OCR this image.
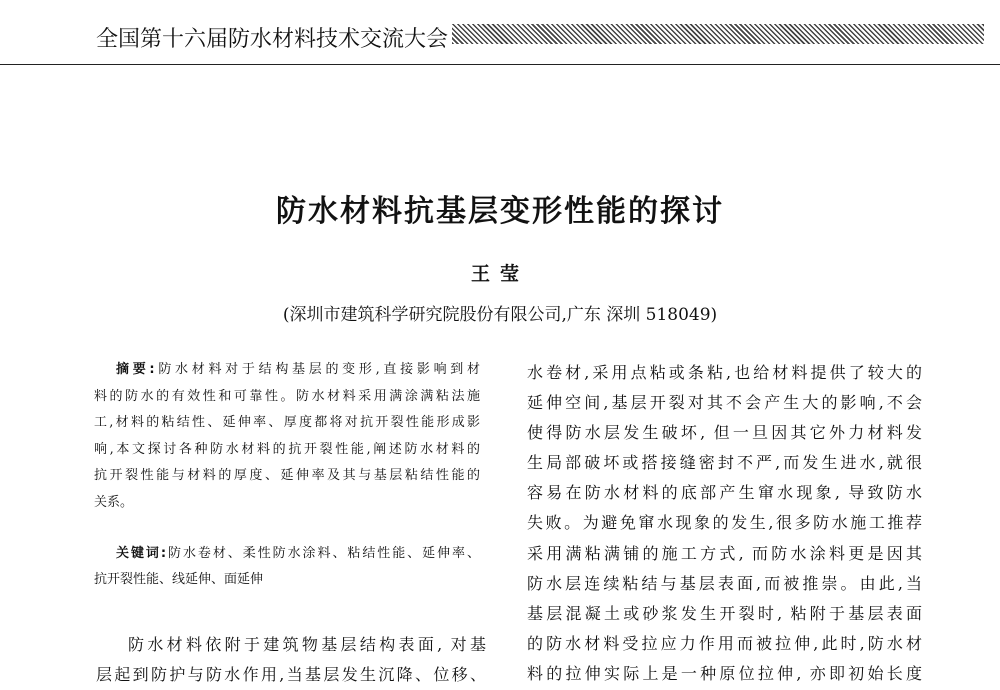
全国第十六届防水材料技术交流大会
防水材料抗基层变形性能的探讨
王莹
(深圳市建筑科学研究院股份有限公司,广东 深圳 518049)
摘要:防水材料对于结构基层的变形,直接影响到材
料的防水的有效性和可靠性。防水材料采用满涂满粘法施
工,材料的粘结性、延伸率、厚度都将对抗开裂性能形成影
响,本文探讨各种防水材料的抗开裂性能,阐述防水材料的
抗开裂性能与材料的厚度、延伸率及其与基层粘结性能的
关系。
关键词:防水卷材、柔性防水涂料、粘结性能、延伸率、
抗开裂性能、线延伸、面延伸
防水材料依附于建筑物基层结构表面, 对基
层起到防护与防水作用,当基层发生沉降、位移、
水卷材,采用点粘或条粘,也给材料提供了较大的
延伸空间,基层开裂对其不会产生大的影响,不会
使得防水层发生破坏, 但一旦因其它外力材料发
生局部破坏或搭接缝密封不严,而发生进水,就很
容易在防水材料的底部产生窜水现象, 导致防水
失败。为避免窜水现象的发生,很多防水施工推荐
采用满粘满铺的施工方式, 而防水涂料更是因其
防水层连续粘结与基层表面,而被推崇。由此,当
基层混凝土或砂浆发生开裂时, 粘附于基层表面
的防水材料受拉应力作用而被拉伸,此时,防水材
料的拉伸实际上是一种原位拉伸, 亦即初始长度
